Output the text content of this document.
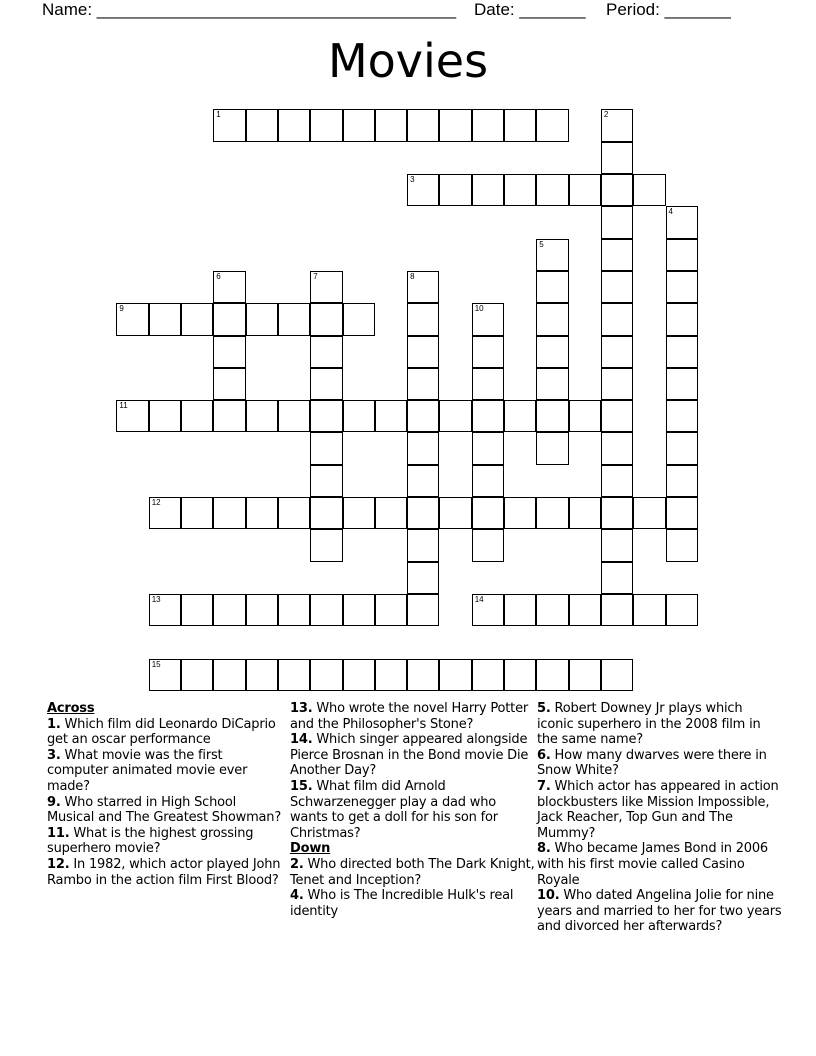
Name: ______________________________________ Date: _______ Period: _______
Movies
1	2
3
4
5
6	7	8
9	10
11
12
13	14
15
Across
1. Which film did Leonardo DiCaprio get an oscar performance
3. What movie was the first computer animated movie ever made?
9. Who starred in High School Musical and The Greatest Showman?
11. What is the highest grossing superhero movie?
12. In 1982, which actor played John Rambo in the action film First Blood?
13. Who wrote the novel Harry Potter and the Philosopher's Stone?
14. Which singer appeared alongside Pierce Brosnan in the Bond movie Die Another Day?
15. What film did Arnold Schwarzenegger play a dad who wants to get a doll for his son for Christmas?
Down
2. Who directed both The Dark Knight, Tenet and Inception?
4. Who is The Incredible Hulk's real identity
5. Robert Downey Jr plays which iconic superhero in the 2008 film in the same name?
6. How many dwarves were there in Snow White?
7. Which actor has appeared in action blockbusters like Mission Impossible, Jack Reacher, Top Gun and The Mummy?
8. Who became James Bond in 2006 with his first movie called Casino Royale
10. Who dated Angelina Jolie for nine years and married to her for two years and divorced her afterwards?
